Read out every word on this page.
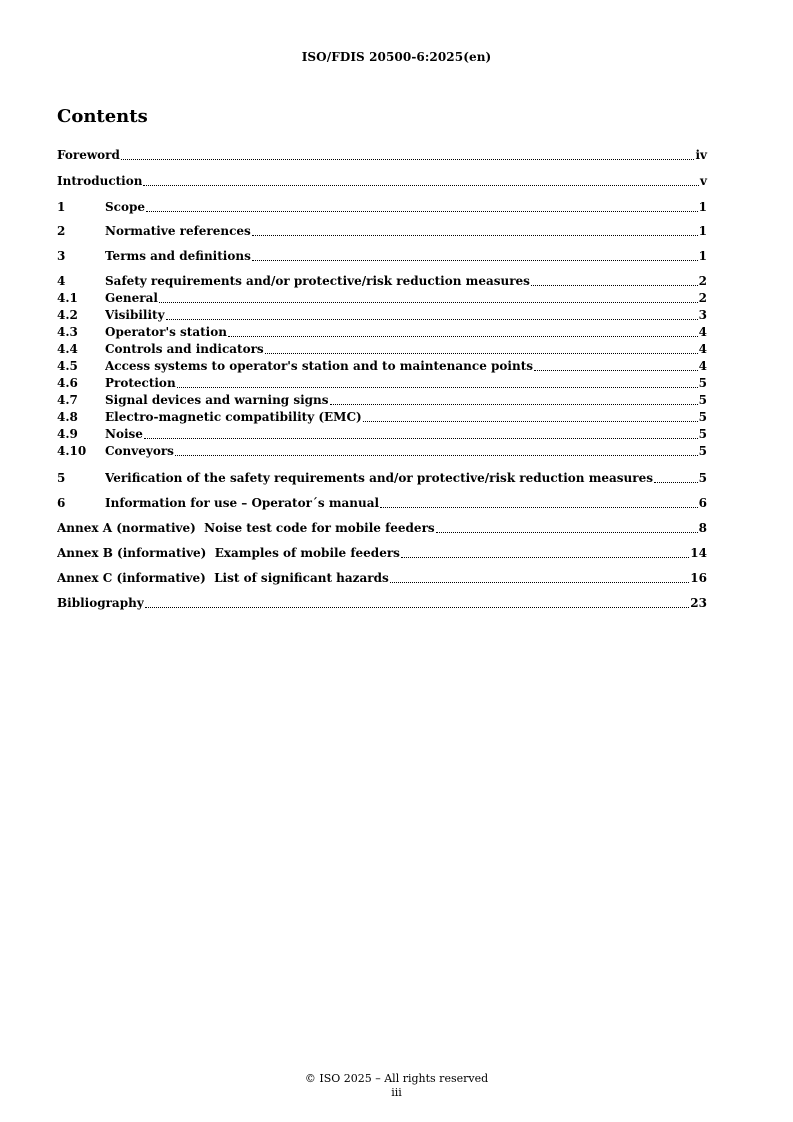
ISO/FDIS 20500-6:2025(en)
Contents
Foreword	iv
Introduction	v
1	Scope	1
2	Normative references	1
3	Terms and definitions	1
4	Safety requirements and/or protective/risk reduction measures	2
4.1	General	2
4.2	Visibility	3
4.3	Operator's station	4
4.4	Controls and indicators	4
4.5	Access systems to operator's station and to maintenance points	4
4.6	Protection	5
4.7	Signal devices and warning signs	5
4.8	Electro-magnetic compatibility (EMC)	5
4.9	Noise	5
4.10	Conveyors	5
5	Verification of the safety requirements and/or protective/risk reduction measures	5
6	Information for use – Operator´s manual	6
Annex A (normative)  Noise test code for mobile feeders	8
Annex B (informative)  Examples of mobile feeders	14
Annex C (informative)  List of significant hazards	16
Bibliography	23
© ISO 2025 – All rights reserved
iii
